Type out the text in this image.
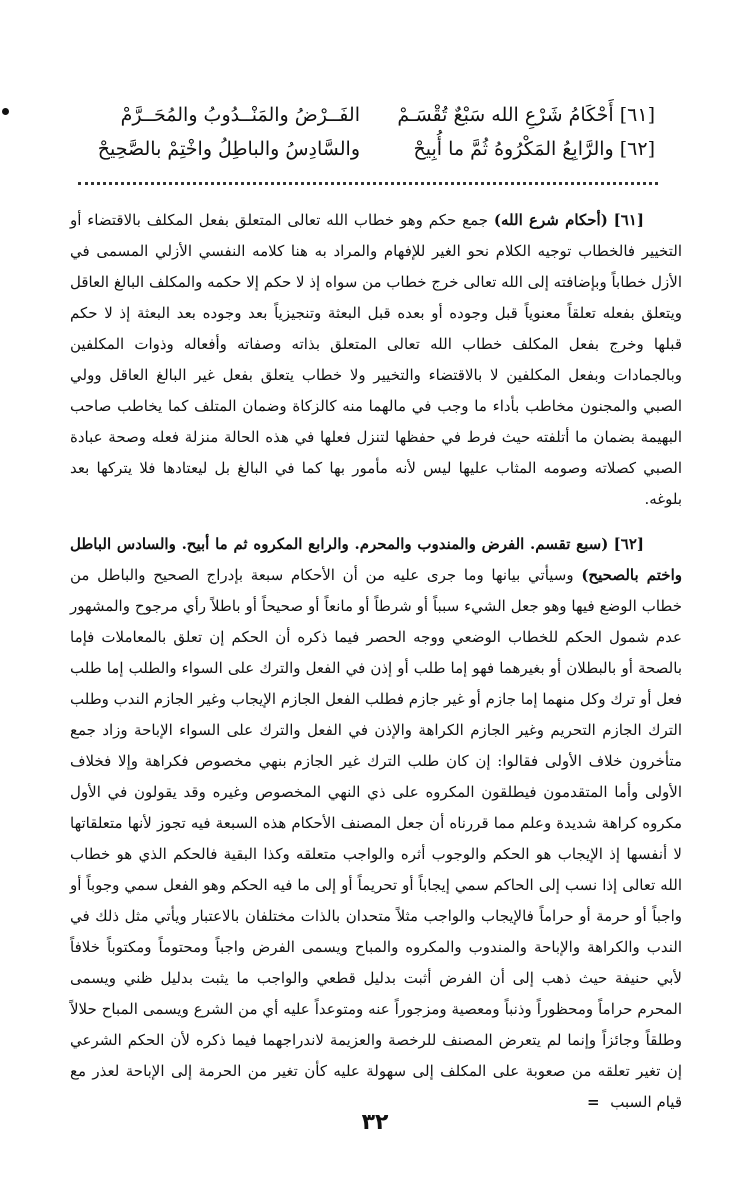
[٦١] أَحْكَامُ شَرْعِ الله سَبْعٌ تُقْسَـمْ
الفَــرْضُ والمَنْــدُوبُ والمُحَــرَّمْ
[٦٢] والرَّابِعُ المَكْرُوهُ ثُمَّ ما أُبِيحْ
والسَّادِسُ والباطِلُ واخْتِمْ بالصَّحِيحْ

[٦١] (أحكام شرع الله) جمع حكم وهو خطاب الله تعالى المتعلق بفعل المكلف بالاقتضاء أو التخيير فالخطاب توجيه الكلام نحو الغير للإفهام والمراد به هنا كلامه النفسي الأزلي المسمى في الأزل خطاباً وبإضافته إلى الله تعالى خرج خطاب من سواه إذ لا حكم إلا حكمه والمكلف البالغ العاقل ويتعلق بفعله تعلقاً معنوياً قبل وجوده أو بعده قبل البعثة وتنجيزياً بعد وجوده بعد البعثة إذ لا حكم قبلها وخرج بفعل المكلف خطاب الله تعالى المتعلق بذاته وصفاته وأفعاله وذوات المكلفين وبالجمادات وبفعل المكلفين لا بالاقتضاء والتخيير ولا خطاب يتعلق بفعل غير البالغ العاقل وولي الصبي والمجنون مخاطب بأداء ما وجب في مالهما منه كالزكاة وضمان المتلف كما يخاطب صاحب البهيمة بضمان ما أتلفته حيث فرط في حفظها لتنزل فعلها في هذه الحالة منزلة فعله وصحة عبادة الصبي كصلاته وصومه المثاب عليها ليس لأنه مأمور بها كما في البالغ بل ليعتادها فلا يتركها بعد بلوغه.

[٦٢] (سبع تقسم. الفرض والمندوب والمحرم. والرابع المكروه ثم ما أبيح. والسادس الباطل واختم بالصحيح) وسيأتي بيانها وما جرى عليه من أن الأحكام سبعة بإدراج الصحيح والباطل من خطاب الوضع فيها وهو جعل الشيء سبباً أو شرطاً أو مانعاً أو صحيحاً أو باطلاً رأي مرجوح والمشهور عدم شمول الحكم للخطاب الوضعي ووجه الحصر فيما ذكره أن الحكم إن تعلق بالمعاملات فإما بالصحة أو بالبطلان أو بغيرهما فهو إما طلب أو إذن في الفعل والترك على السواء والطلب إما طلب فعل أو ترك وكل منهما إما جازم أو غير جازم فطلب الفعل الجازم الإيجاب وغير الجازم الندب وطلب الترك الجازم التحريم وغير الجازم الكراهة والإذن في الفعل والترك على السواء الإباحة وزاد جمع متأخرون خلاف الأولى فقالوا: إن كان طلب الترك غير الجازم بنهي مخصوص فكراهة وإلا فخلاف الأولى وأما المتقدمون فيطلقون المكروه على ذي النهي المخصوص وغيره وقد يقولون في الأول مكروه كراهة شديدة وعلم مما قررناه أن جعل المصنف الأحكام هذه السبعة فيه تجوز لأنها متعلقاتها لا أنفسها إذ الإيجاب هو الحكم والوجوب أثره والواجب متعلقه وكذا البقية فالحكم الذي هو خطاب الله تعالى إذا نسب إلى الحاكم سمي إيجاباً أو تحريماً أو إلى ما فيه الحكم وهو الفعل سمي وجوباً أو واجباً أو حرمة أو حراماً فالإيجاب والواجب مثلاً متحدان بالذات مختلفان بالاعتبار ويأتي مثل ذلك في الندب والكراهة والإباحة والمندوب والمكروه والمباح ويسمى الفرض واجباً ومحتوماً ومكتوباً خلافاً لأبي حنيفة حيث ذهب إلى أن الفرض أثبت بدليل قطعي والواجب ما يثبت بدليل ظني ويسمى المحرم حراماً ومحظوراً وذنباً ومعصية ومزجوراً عنه ومتوعداً عليه أي من الشرع ويسمى المباح حلالاً وطلقاً وجائزاً وإنما لم يتعرض المصنف للرخصة والعزيمة لاندراجهما فيما ذكره لأن الحكم الشرعي إن تغير تعلقه من صعوبة على المكلف إلى سهولة عليه كأن تغير من الحرمة إلى الإباحة لعذر مع قيام السبب =

٣٢
